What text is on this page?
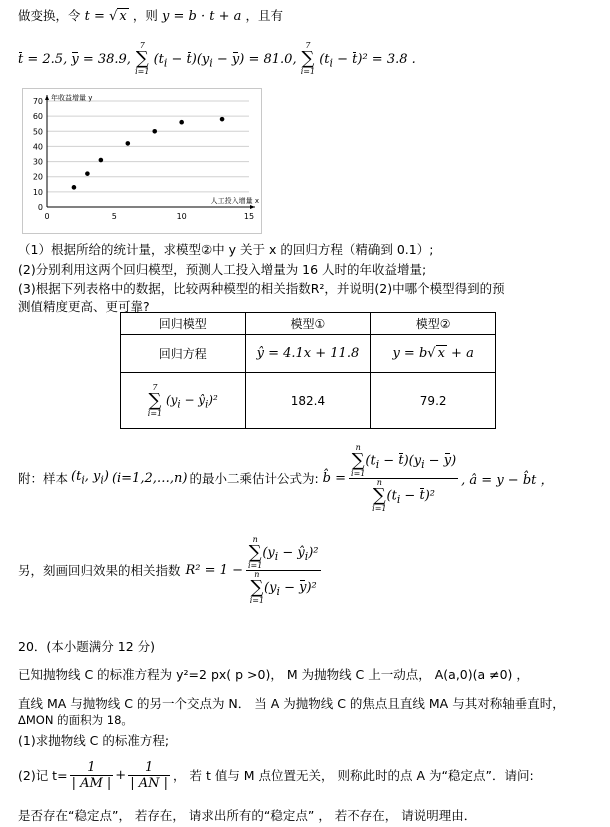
做变换，令 t = √ x ，则 y = b · t + a ，且有
t = 2.5, y = 38.9,
7
∑
i=1
$(t_i - t)(y_i - y) = 81.0$,
7
∑
i=1
$(t_i - t)^2 = 3.8$ .
0
10
20
30
40
50
60
70
0	5	10	15
年收益增量 y
人工投入增量 x
（1）根据所给的统计量，求模型②中 y 关于 x 的回归方程（精确到 0.1）;
(2)分别利用这两个回归模型，预测人工投入增量为 16 人时的年收益增量;
(3)根据下列表格中的数据，比较两种模型的相关指数R²，并说明(2)中哪个模型得到的预
测值精度更高、更可靠?
回归模型	模型①	模型②
回归方程	ŷ = 4.1x + 11.8	y = b√ x + a

7
∑
i=1
($y_i$ − $ŷ_i)^2$	182.4	79.2
附：样本 ($t_i$, $y_i$) (i=1,2,…,n) 的最小二乘估计公式为: b̂ = n
∑
i=1
$(t_i - t)(y_i - y)$
n
∑
i=1
$(t_i - t)^2$ , â = y − b̂t ，
另，刻画回归效果的相关指数 R² = 1 − n
∑
i=1
($y_i$ − $ŷ_i)^2$
n
∑
i=1
$(y_i - y)^2$
20．(本小题满分 12 分)
已知抛物线 C 的标准方程为 y²=2 px( p >0)， M 为抛物线 C 上一动点， A(a,0)(a ≠0) ，
直线 MA 与抛物线 C 的另一个交点为 N． 当 A 为抛物线 C 的焦点且直线 MA 与其对称轴垂直时，
ΔMON 的面积为 18。
(1)求抛物线 C 的标准方程;
(2)记 $t= \frac{1}{| AM |} + \frac{1}{| AN |}$ ， 若 t 值与 M 点位置无关， 则称此时的点 A 为“稳定点”．请问:
是否存在“稳定点”， 若存在， 请求出所有的“稳定点” ， 若不存在， 请说明理由．
